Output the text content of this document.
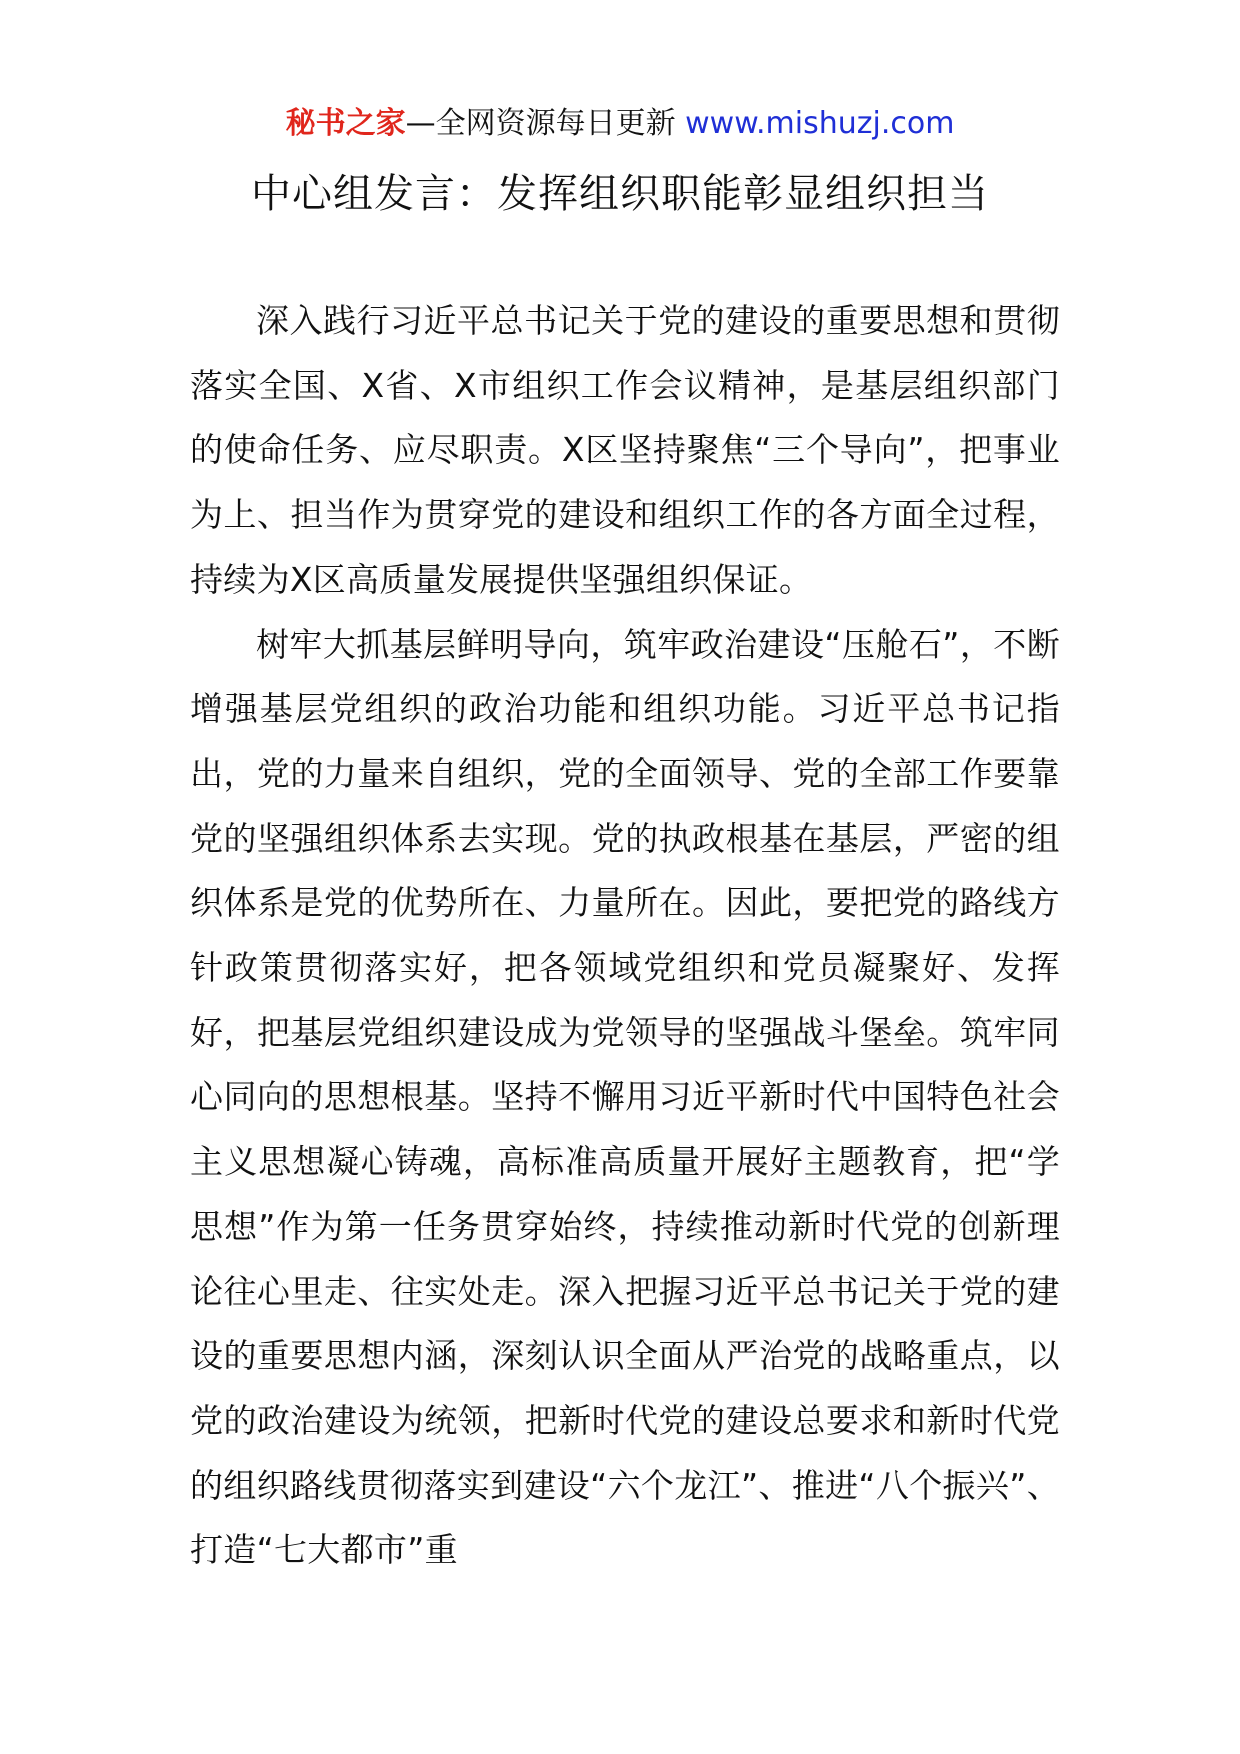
秘书之家—全网资源每日更新 www.mishuzj.com
中心组发言：发挥组织职能彰显组织担当

深入践行习近平总书记关于党的建设的重要思想和贯彻落实全国、X省、X市组织工作会议精神，是基层组织部门的使命任务、应尽职责。X区坚持聚焦“三个导向”，把事业为上、担当作为贯穿党的建设和组织工作的各方面全过程，持续为X区高质量发展提供坚强组织保证。

树牢大抓基层鲜明导向，筑牢政治建设“压舱石”，不断增强基层党组织的政治功能和组织功能。习近平总书记指出，党的力量来自组织，党的全面领导、党的全部工作要靠党的坚强组织体系去实现。党的执政根基在基层，严密的组织体系是党的优势所在、力量所在。因此，要把党的路线方针政策贯彻落实好，把各领域党组织和党员凝聚好、发挥好，把基层党组织建设成为党领导的坚强战斗堡垒。筑牢同心同向的思想根基。坚持不懈用习近平新时代中国特色社会主义思想凝心铸魂，高标准高质量开展好主题教育，把“学思想”作为第一任务贯穿始终，持续推动新时代党的创新理论往心里走、往实处走。深入把握习近平总书记关于党的建设的重要思想内涵，深刻认识全面从严治党的战略重点，以党的政治建设为统领，把新时代党的建设总要求和新时代党的组织路线贯彻落实到建设“六个龙江”、推进“八个振兴”、打造“七大都市”重
